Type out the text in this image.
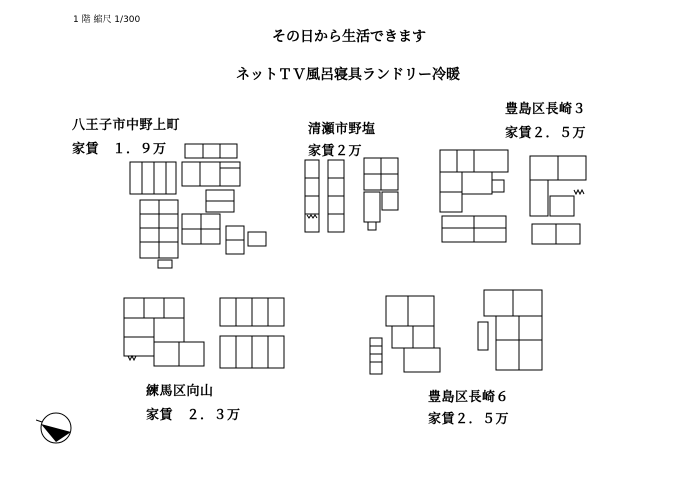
1 階 縮尺 1/300
その日から生活できます
ネットＴＶ風呂寝具ランドリー冷暖
八王子市中野上町
家賃　１．９万
清瀬市野塩
家賃２万
豊島区長崎３
家賃２．５万
練馬区向山
家賃　２．３万
豊島区長崎６
家賃２．５万
